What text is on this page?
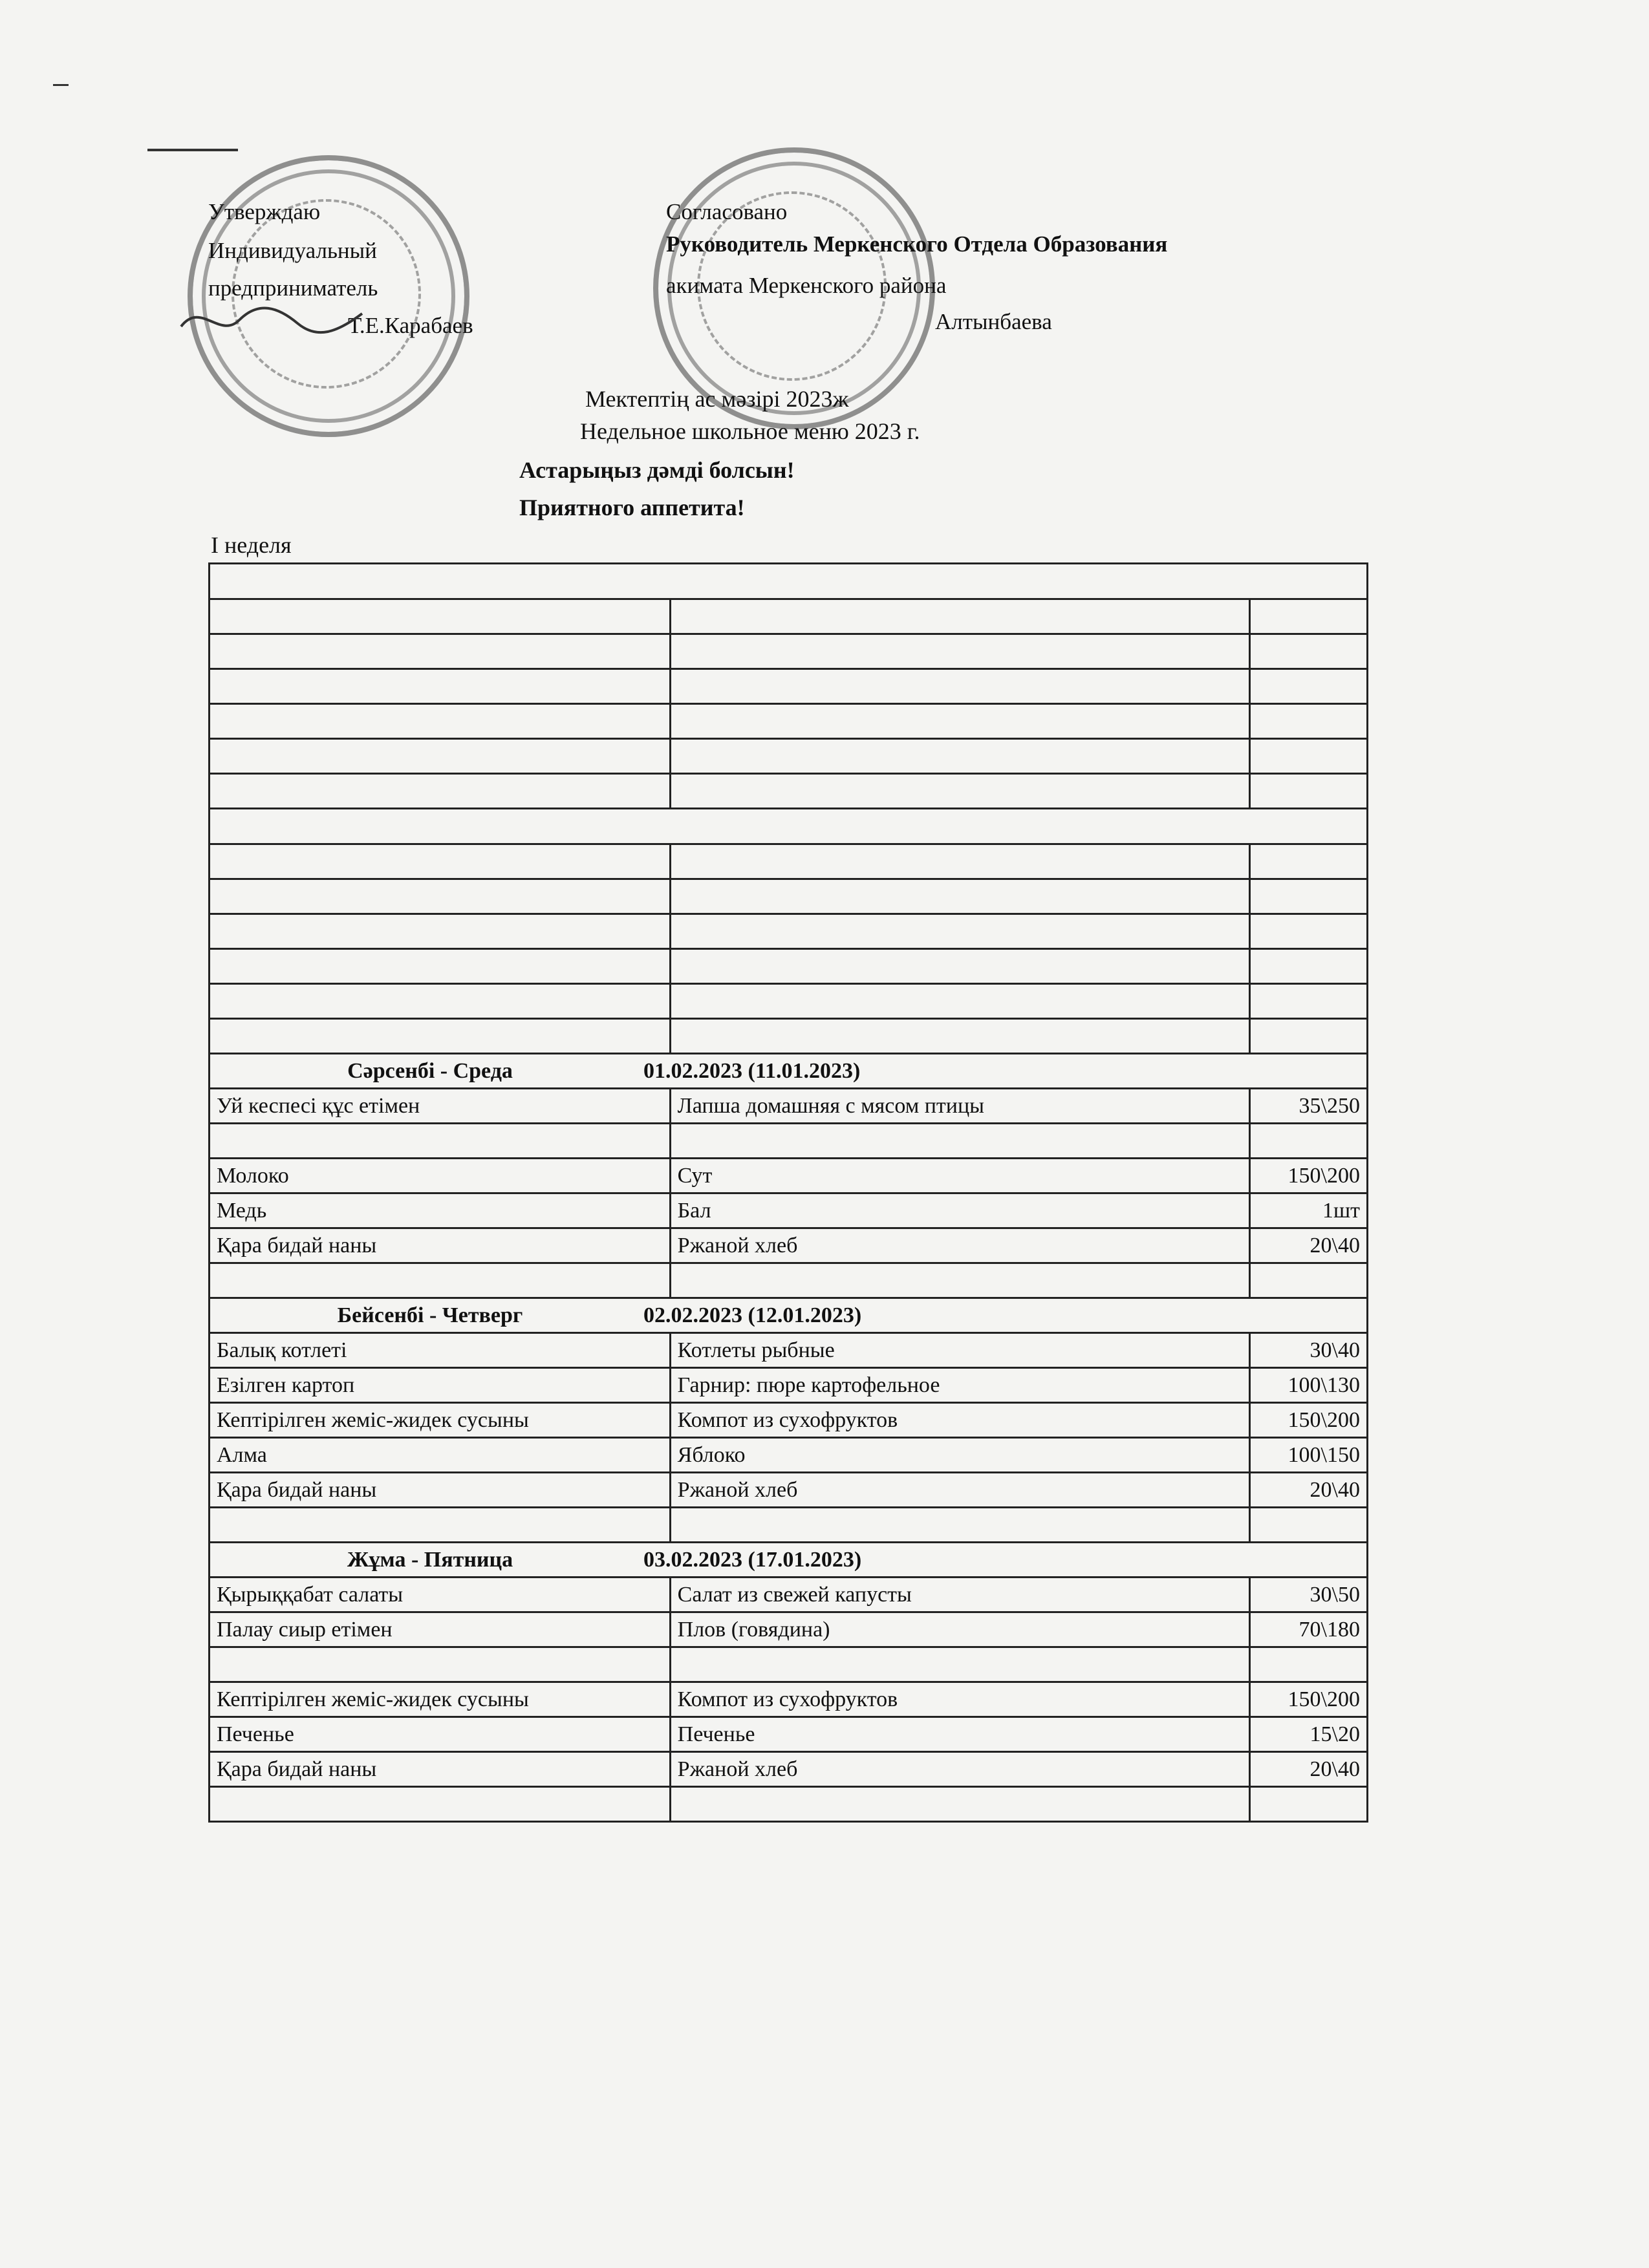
Утверждаю
Индивидуальный
предприниматель
Т.Е.Карабаев
Согласовано
Руководитель Меркенского Отдела Образования
акимата Меркенского района
Алтынбаева
Мектептің ас мәзірі 2023ж
Недельное школьное меню 2023 г.
Астарыңыз дәмді болсын!
Приятного аппетита!
I неделя

Сәрсенбі - Среда 01.02.2023 (11.01.2023)		
Уй кеспесі құс етімен	Лапша домашняя с мясом птицы	35\250

Молоко	Сут	150\200
Медь	Бал	1шт
Қара бидай наны	Ржаной хлеб	20\40

Бейсенбі - Четверг 02.02.2023 (12.01.2023)		
Балық котлеті	Котлеты рыбные	30\40
Езілген картоп	Гарнир: пюре картофельное	100\130
Кептірілген жеміс-жидек сусыны	Компот из сухофруктов	150\200
Алма	Яблоко	100\150
Қара бидай наны	Ржаной хлеб	20\40

Жұма - Пятница 03.02.2023 (17.01.2023)		
Қырыққабат салаты	Салат из свежей капусты	30\50
Палау сиыр етімен	Плов (говядина)	70\180

Кептірілген жеміс-жидек сусыны	Компот из сухофруктов	150\200
Печенье	Печенье	15\20
Қара бидай наны	Ржаной хлеб	20\40
